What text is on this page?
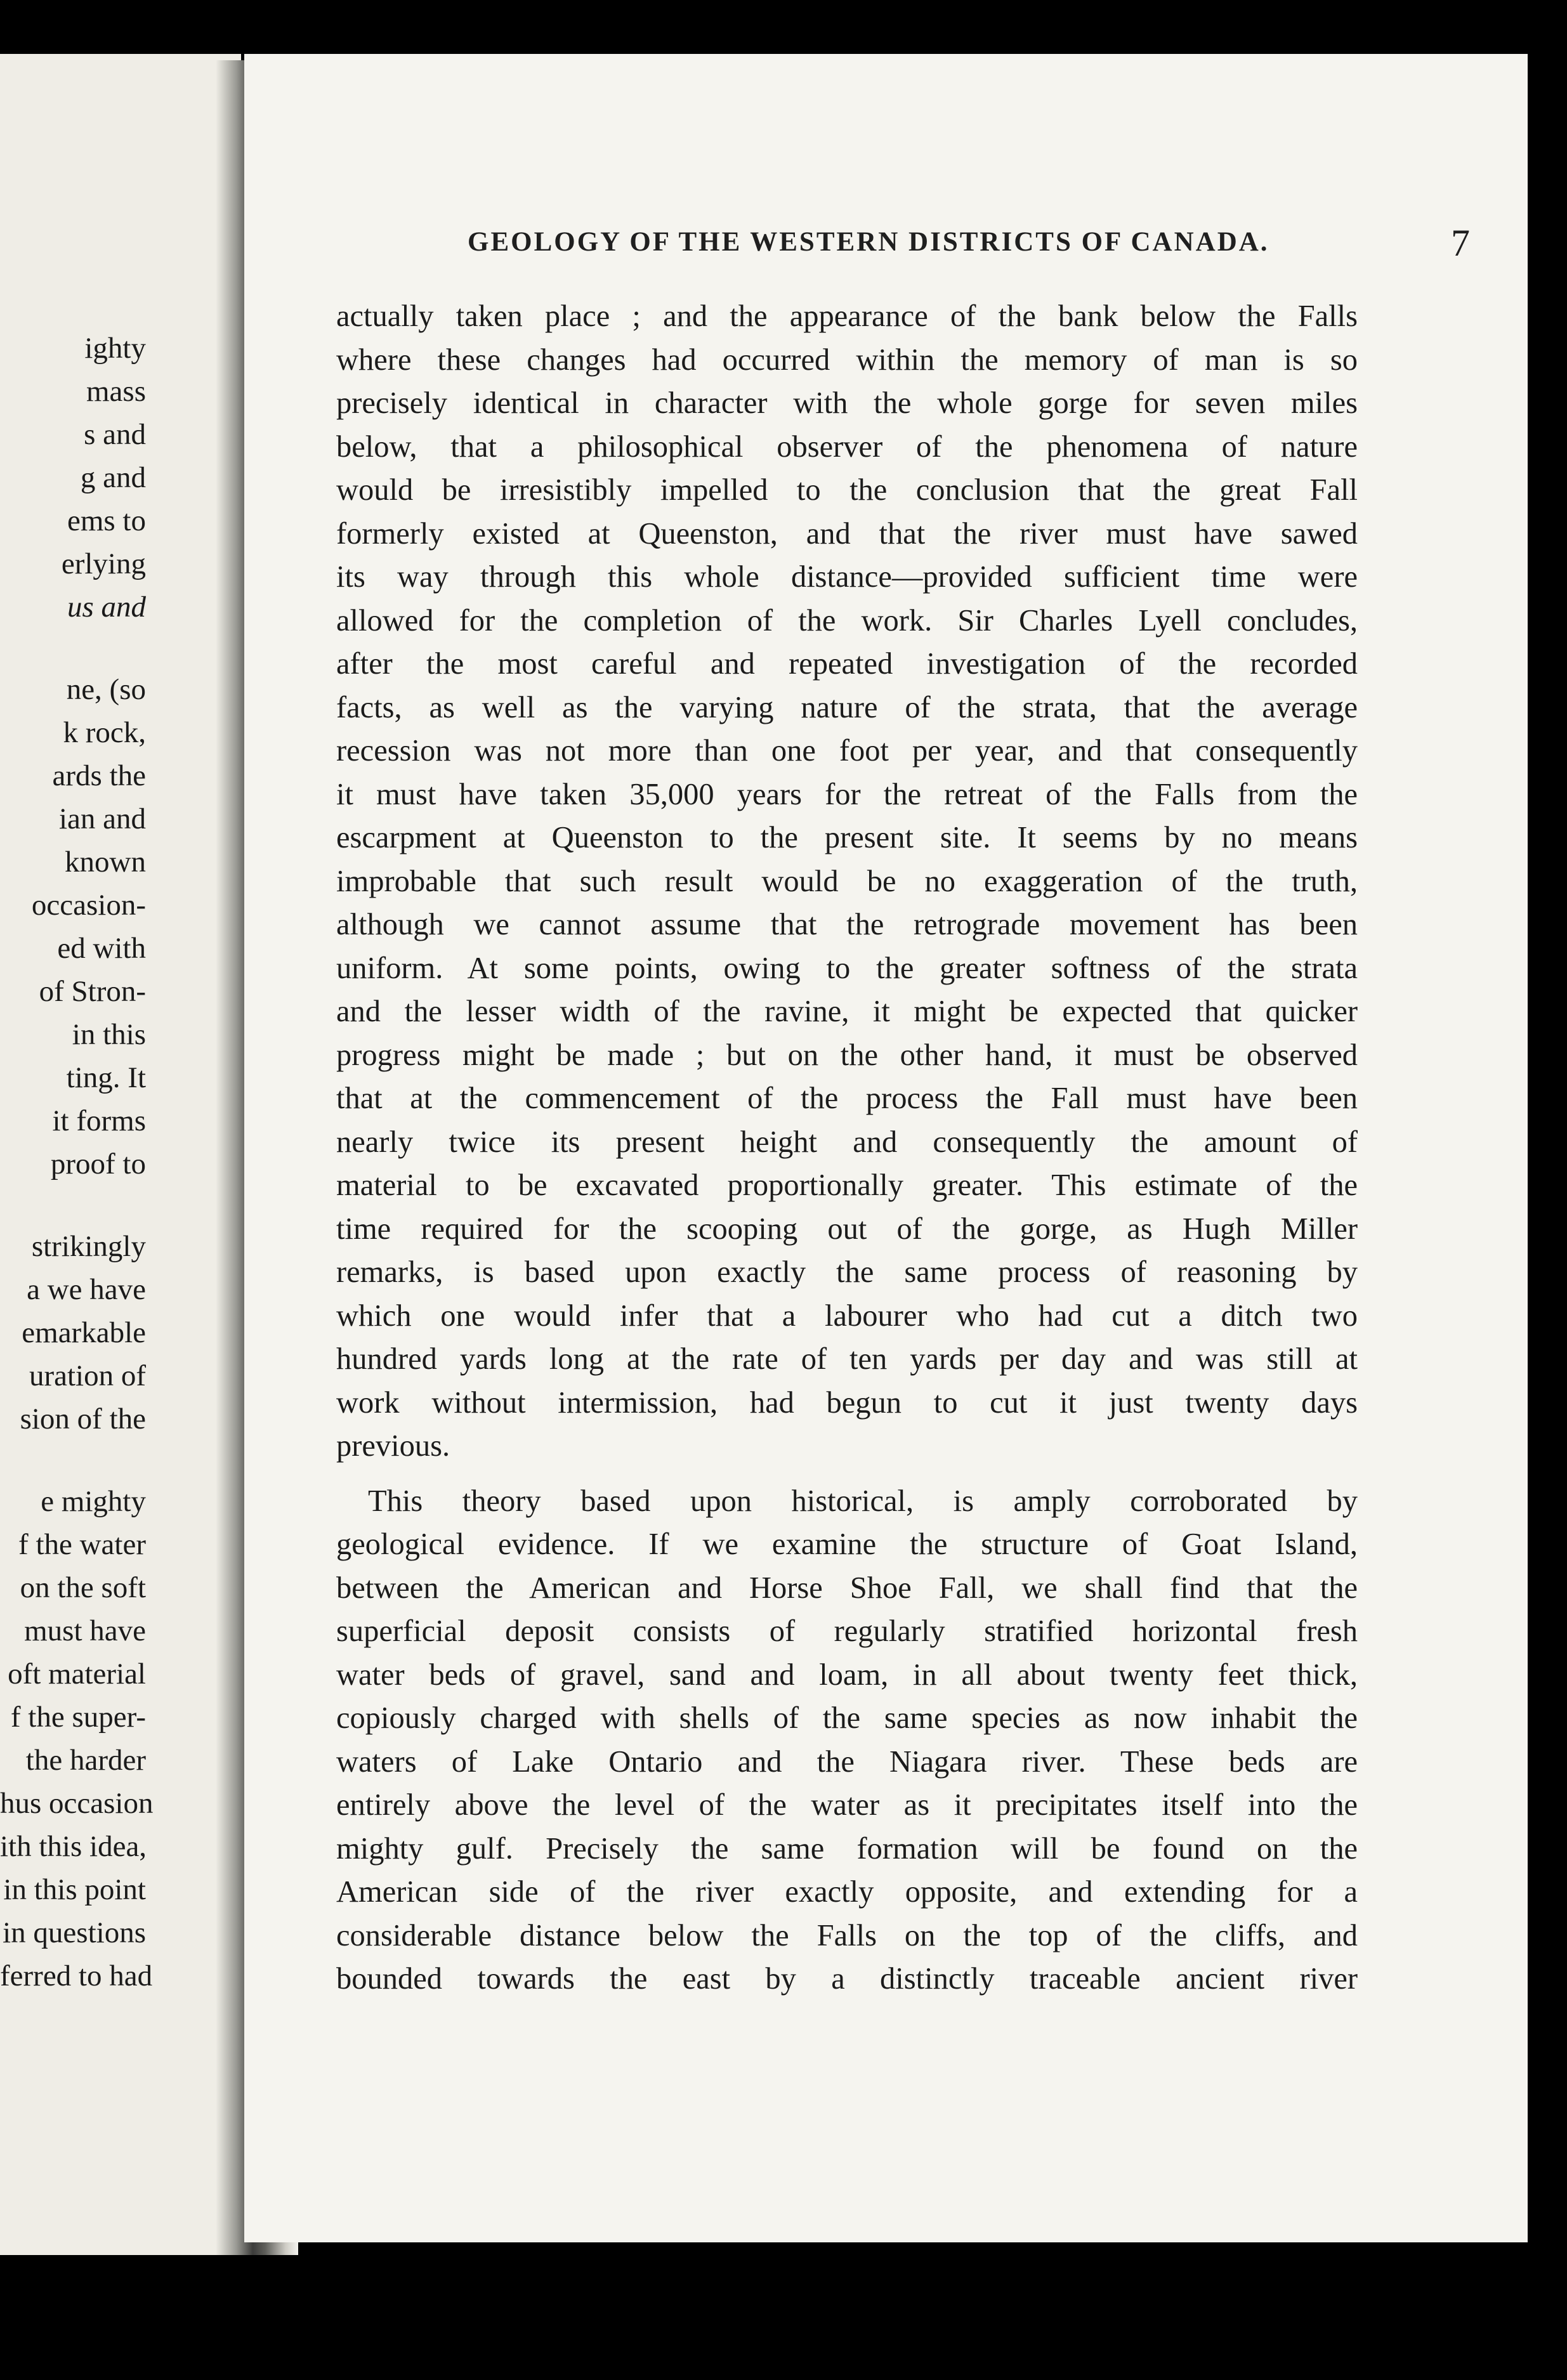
ighty
mass
s and
g and
ems to
erlying
us and
ne, (so
k rock,
ards the
ian and
known
occasion-
ed with
of Stron-
in this
ting. It
it forms
proof to
strikingly
a we have
emarkable
uration of
sion of the
e mighty
f the water
on the soft
must have
oft material
f the super-
the harder
hus occasion
ith this idea,
in this point
in questions
ferred to had
GEOLOGY OF THE WESTERN DISTRICTS OF CANADA.	7
actually taken place ; and the appearance of the bank below the Falls
where these changes had occurred within the memory of man is so
precisely identical in character with the whole gorge for seven miles
below, that a philosophical observer of the phenomena of nature
would be irresistibly impelled to the conclusion that the great Fall
formerly existed at Queenston, and that the river must have sawed
its way through this whole distance—provided sufficient time were
allowed for the completion of the work. Sir Charles Lyell concludes,
after the most careful and repeated investigation of the recorded
facts, as well as the varying nature of the strata, that the average
recession was not more than one foot per year, and that consequently
it must have taken 35,000 years for the retreat of the Falls from the
escarpment at Queenston to the present site. It seems by no means
improbable that such result would be no exaggeration of the truth,
although we cannot assume that the retrograde movement has been
uniform. At some points, owing to the greater softness of the strata
and the lesser width of the ravine, it might be expected that quicker
progress might be made ; but on the other hand, it must be observed
that at the commencement of the process the Fall must have been
nearly twice its present height and consequently the amount of
material to be excavated proportionally greater. This estimate of the
time required for the scooping out of the gorge, as Hugh Miller
remarks, is based upon exactly the same process of reasoning by
which one would infer that a labourer who had cut a ditch two
hundred yards long at the rate of ten yards per day and was still at
work without intermission, had begun to cut it just twenty days
previous.
This theory based upon historical, is amply corroborated by
geological evidence. If we examine the structure of Goat Island,
between the American and Horse Shoe Fall, we shall find that the
superficial deposit consists of regularly stratified horizontal fresh
water beds of gravel, sand and loam, in all about twenty feet thick,
copiously charged with shells of the same species as now inhabit the
waters of Lake Ontario and the Niagara river. These beds are
entirely above the level of the water as it precipitates itself into the
mighty gulf. Precisely the same formation will be found on the
American side of the river exactly opposite, and extending for a
considerable distance below the Falls on the top of the cliffs, and
bounded towards the east by a distinctly traceable ancient river
